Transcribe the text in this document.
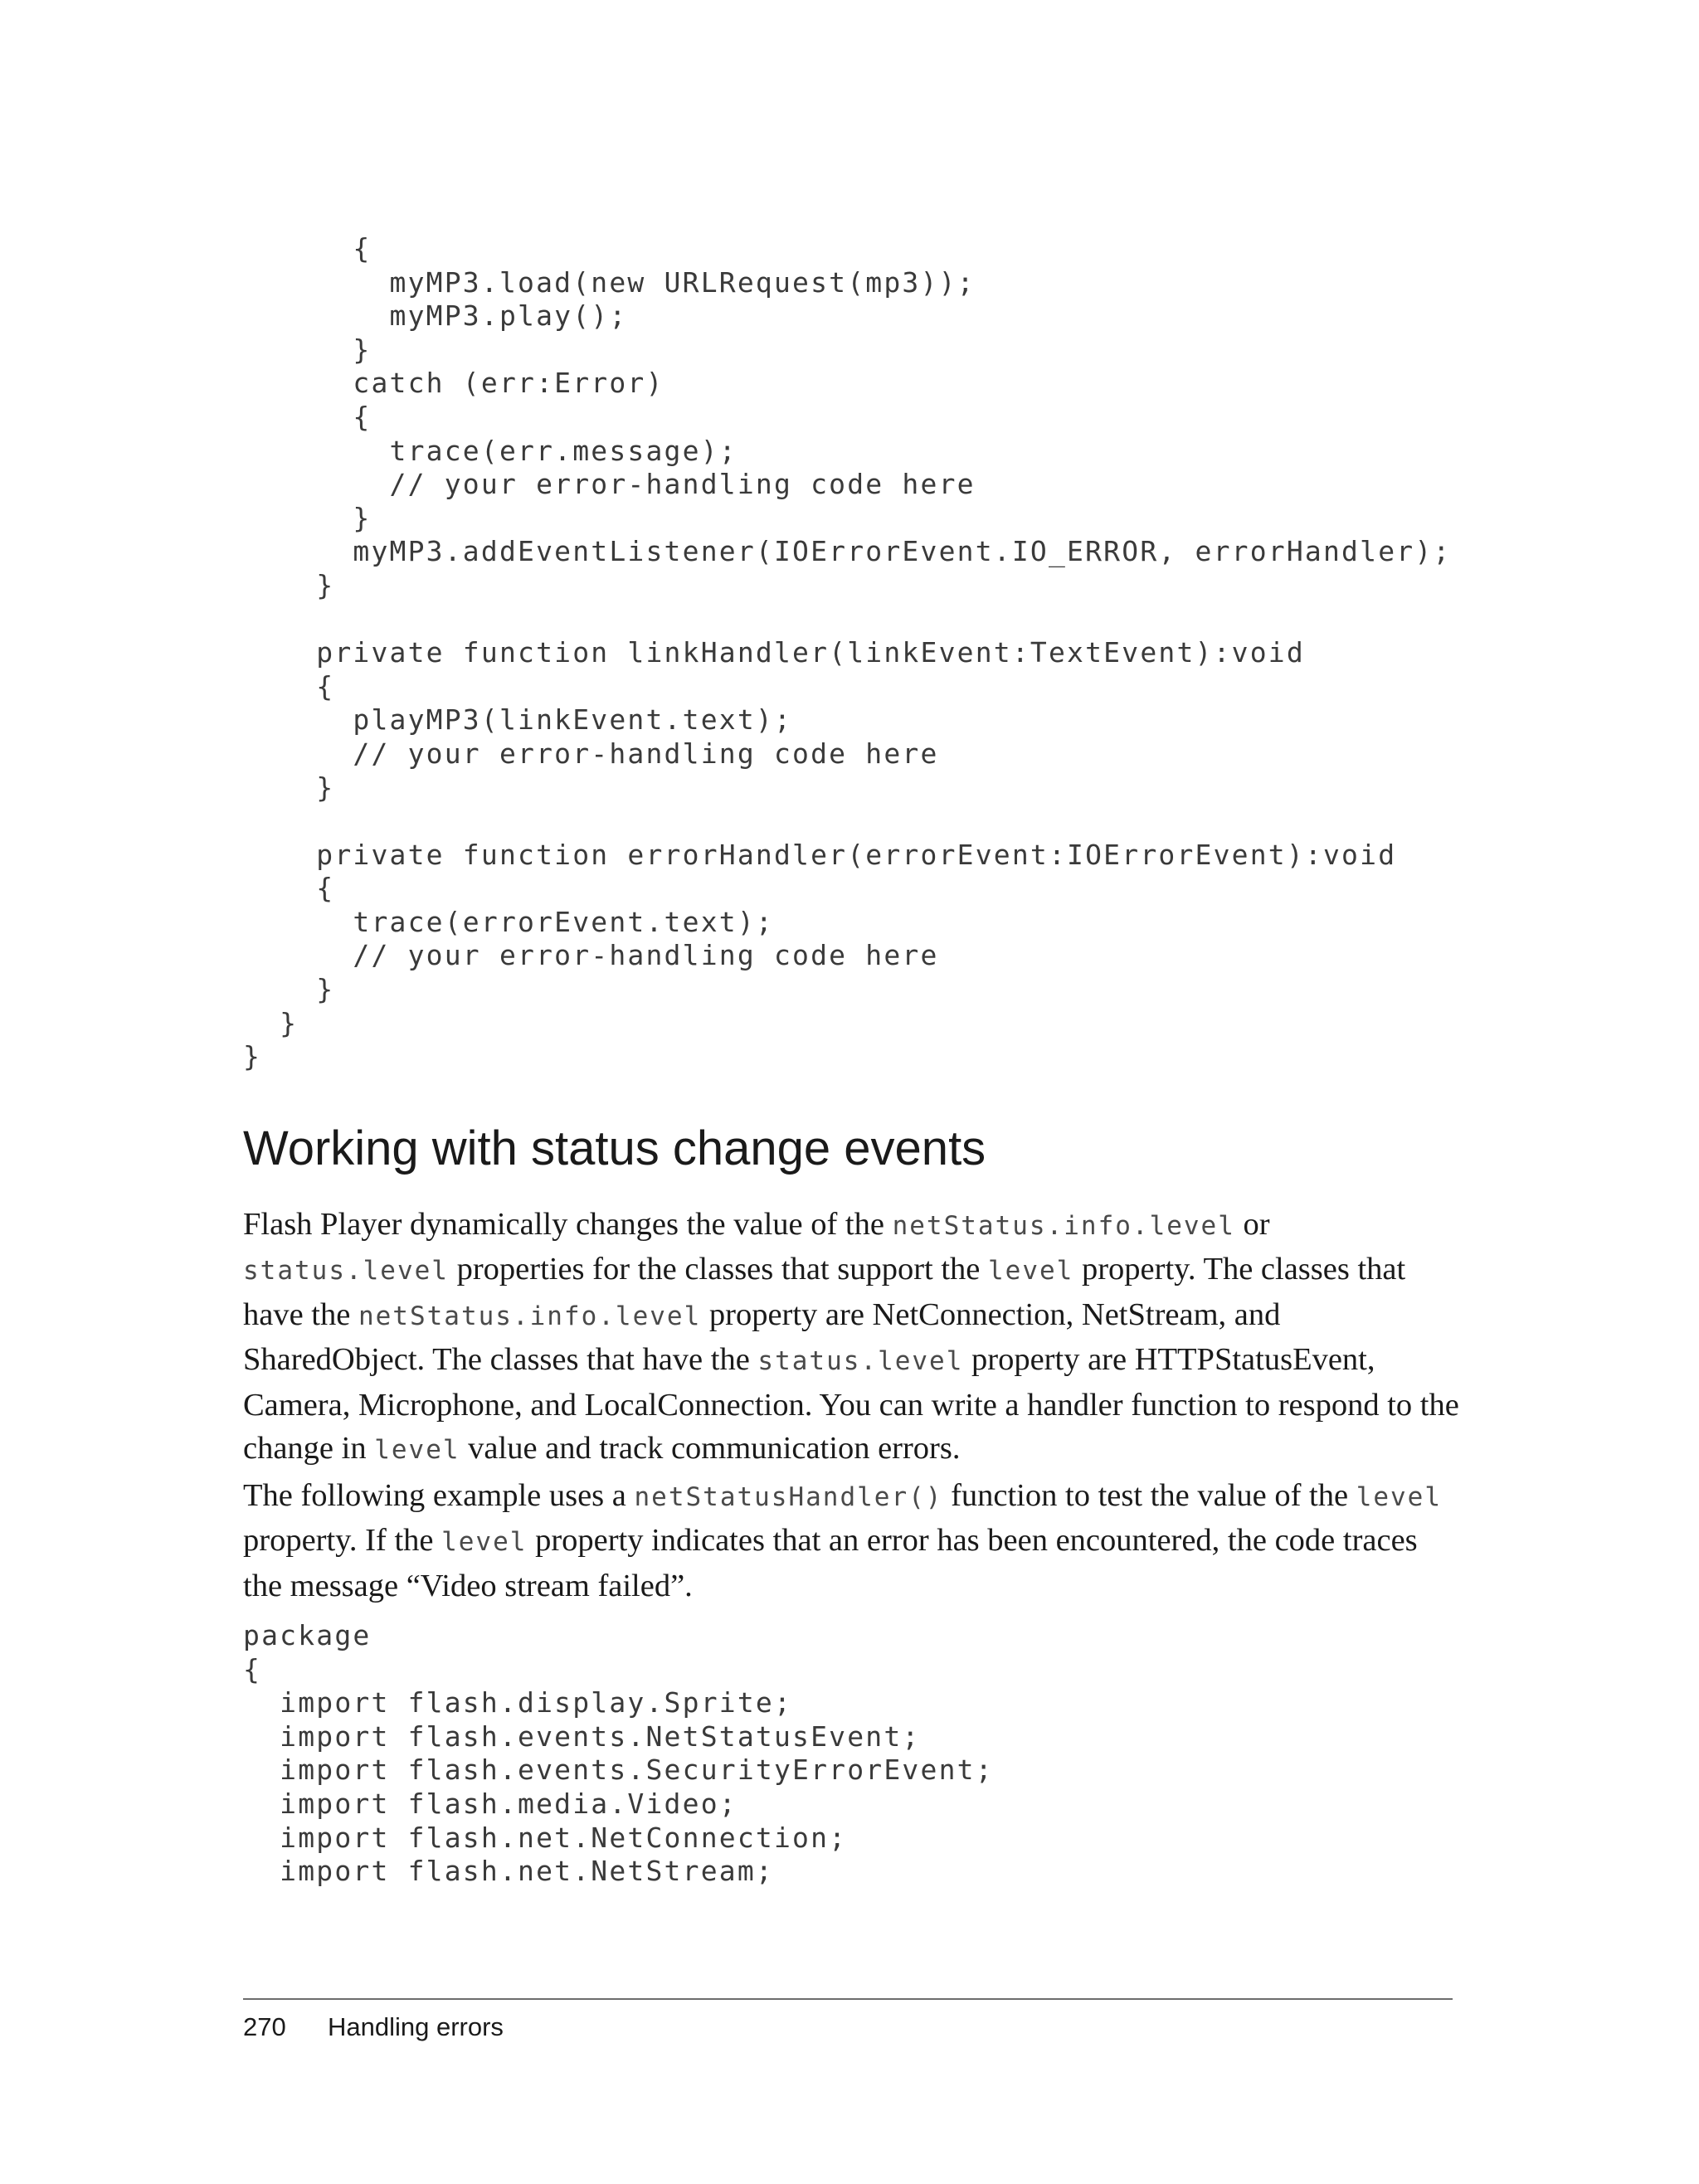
{
myMP3.load(new URLRequest(mp3));
myMP3.play();
}
catch (err:Error)
{
trace(err.message);
// your error-handling code here
}
myMP3.addEventListener(IOErrorEvent.IO_ERROR, errorHandler);
}

private function linkHandler(linkEvent:TextEvent):void
{
playMP3(linkEvent.text);
// your error-handling code here
}

private function errorHandler(errorEvent:IOErrorEvent):void
{
trace(errorEvent.text);
// your error-handling code here
}
}
}
Working with status change events

Flash Player dynamically changes the value of the netStatus.info.level or status.level properties for the classes that support the level property. The classes that have the netStatus.info.level property are NetConnection, NetStream, and SharedObject. The classes that have the status.level property are HTTPStatusEvent, Camera, Microphone, and LocalConnection. You can write a handler function to respond to the change in level value and track communication errors.

The following example uses a netStatusHandler() function to test the value of the level property. If the level property indicates that an error has been encountered, the code traces the message “Video stream failed”.

package
{
import flash.display.Sprite;
import flash.events.NetStatusEvent;
import flash.events.SecurityErrorEvent;
import flash.media.Video;
import flash.net.NetConnection;
import flash.net.NetStream;
270 Handling errors
